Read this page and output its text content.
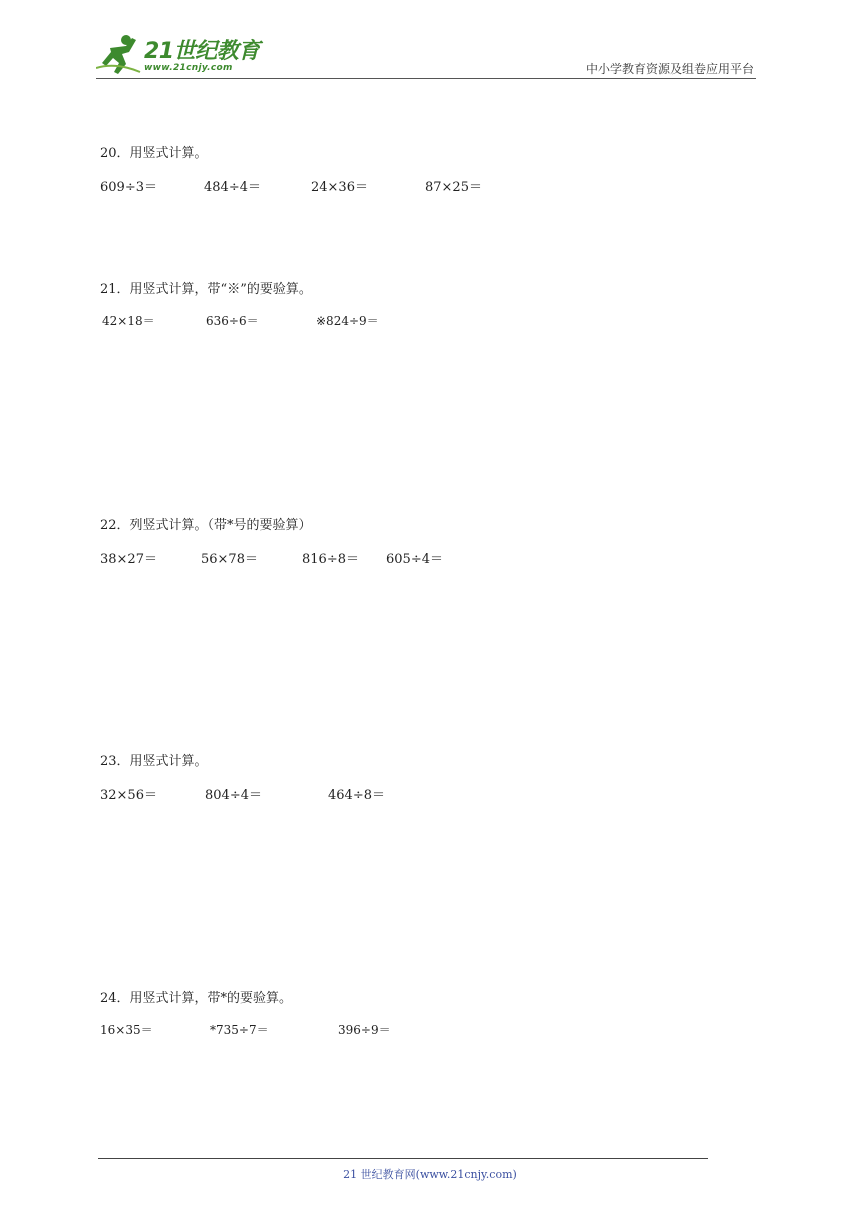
21世纪教育
www.21cnjy.com	中小学教育资源及组卷应用平台
20．用竖式计算。
609÷3＝	484÷4＝	24×36＝	87×25＝
21．用竖式计算，带“※”的要验算。
42×18＝	636÷6＝	※824÷9＝
22．列竖式计算。（带*号的要验算）
38×27＝	56×78＝	816÷8＝ 605÷4＝
23．用竖式计算。
32×56＝	804÷4＝	464÷8＝
24．用竖式计算，带*的要验算。
16×35＝	*735÷7＝	396÷9＝
21 世纪教育网(www.21cnjy.com)
